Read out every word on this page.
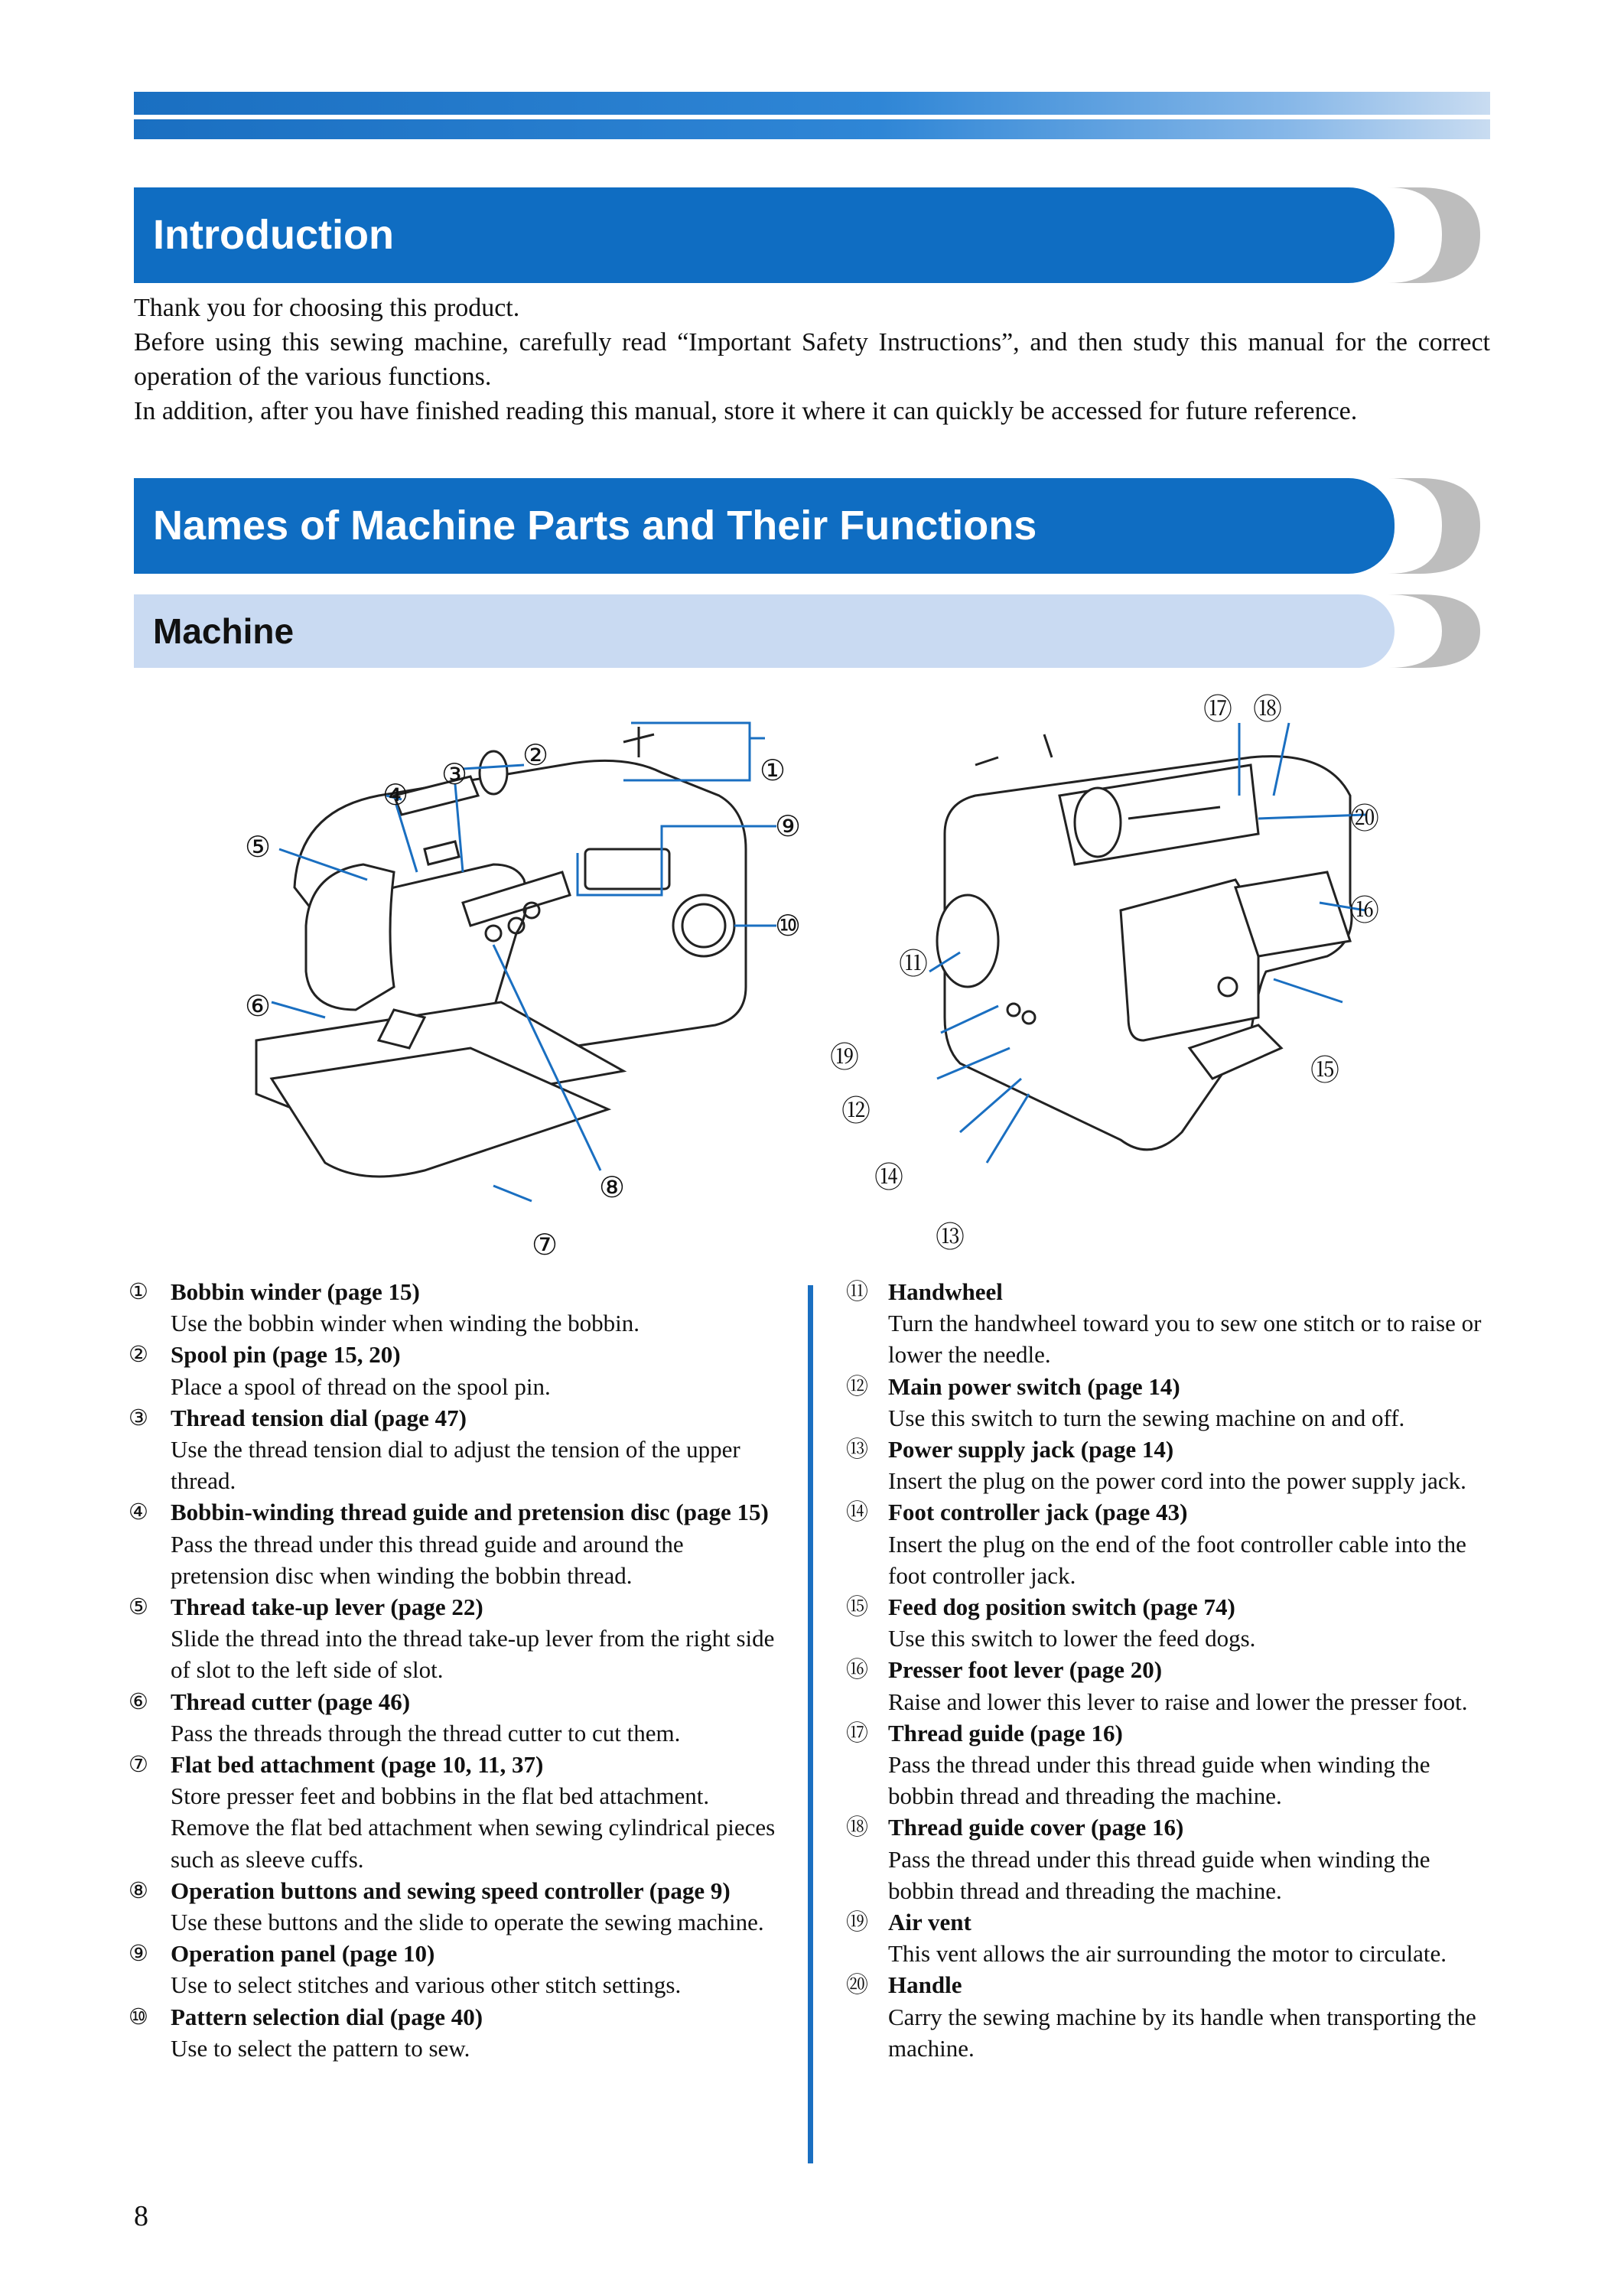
Introduction

Thank you for choosing this product.

Before using this sewing machine, carefully read “Important Safety Instructions”, and then study this manual for the correct operation of the various functions.

In addition, after you have finished reading this manual, store it where it can quickly be accessed for future reference.

Names of Machine Parts and Their Functions
Machine
①
②
③
④
⑤
⑥
⑦
⑧
⑨
⑩
⑪
⑫
⑬
⑭
⑮
⑯
⑰ ⑱
⑲
⑳
① Bobbin winder (page 15)
Use the bobbin winder when winding the bobbin.
② Spool pin (page 15, 20)
Place a spool of thread on the spool pin.
③ Thread tension dial (page 47)
Use the thread tension dial to adjust the tension of the upper thread.
④ Bobbin-winding thread guide and pretension disc (page 15)
Pass the thread under this thread guide and around the pretension disc when winding the bobbin thread.
⑤ Thread take-up lever (page 22)
Slide the thread into the thread take-up lever from the right side of slot to the left side of slot.
⑥ Thread cutter (page 46)
Pass the threads through the thread cutter to cut them.
⑦ Flat bed attachment (page 10, 11, 37)
Store presser feet and bobbins in the flat bed attachment. Remove the flat bed attachment when sewing cylindrical pieces such as sleeve cuffs.
⑧ Operation buttons and sewing speed controller (page 9)
Use these buttons and the slide to operate the sewing machine.
⑨ Operation panel (page 10)
Use to select stitches and various other stitch settings.
⑩ Pattern selection dial (page 40)
Use to select the pattern to sew.
⑪ Handwheel
Turn the handwheel toward you to sew one stitch or to raise or lower the needle.
⑫ Main power switch (page 14)
Use this switch to turn the sewing machine on and off.
⑬ Power supply jack (page 14)
Insert the plug on the power cord into the power supply jack.
⑭ Foot controller jack (page 43)
Insert the plug on the end of the foot controller cable into the foot controller jack.
⑮ Feed dog position switch (page 74)
Use this switch to lower the feed dogs.
⑯ Presser foot lever (page 20)
Raise and lower this lever to raise and lower the presser foot.
⑰ Thread guide (page 16)
Pass the thread under this thread guide when winding the bobbin thread and threading the machine.
⑱ Thread guide cover (page 16)
Pass the thread under this thread guide when winding the bobbin thread and threading the machine.
⑲ Air vent
This vent allows the air surrounding the motor to circulate.
⑳ Handle
Carry the sewing machine by its handle when transporting the machine.
8
